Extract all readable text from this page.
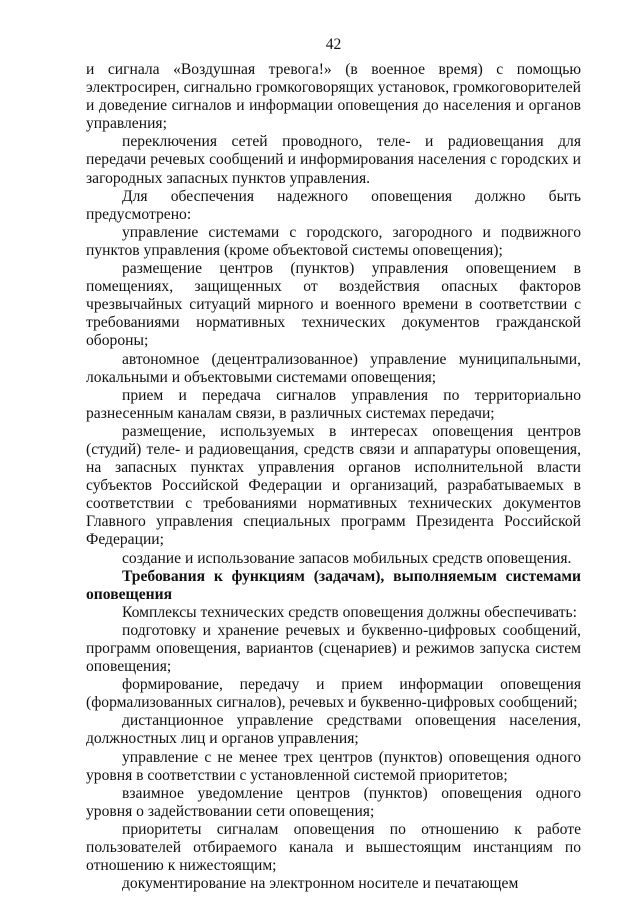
42

и сигнала «Воздушная тревога!» (в военное время) с помощью электросирен, сигнально громкоговорящих установок, громкоговорителей и доведение сигналов и информации оповещения до населения и органов управления;

переключения сетей проводного, теле- и радиовещания для передачи речевых сообщений и информирования населения с городских и загородных запасных пунктов управления.

Для обеспечения надежного оповещения должно быть предусмотрено:

управление системами с городского, загородного и подвижного пунктов управления (кроме объектовой системы оповещения);

размещение центров (пунктов) управления оповещением в помещениях, защищенных от воздействия опасных факторов чрезвычайных ситуаций мирного и военного времени в соответствии с требованиями нормативных технических документов гражданской обороны;

автономное (децентрализованное) управление муниципальными, локальными и объектовыми системами оповещения;

прием и передача сигналов управления по территориально разнесенным каналам связи, в различных системах передачи;

размещение, используемых в интересах оповещения центров (студий) теле- и радиовещания, средств связи и аппаратуры оповещения, на запасных пунктах управления органов исполнительной власти субъектов Российской Федерации и организаций, разрабатываемых в соответствии с требованиями нормативных технических документов Главного управления специальных программ Президента Российской Федерации;

создание и использование запасов мобильных средств оповещения.

Требования к функциям (задачам), выполняемым системами оповещения

Комплексы технических средств оповещения должны обеспечивать:

подготовку и хранение речевых и буквенно-цифровых сообщений, программ оповещения, вариантов (сценариев) и режимов запуска систем оповещения;

формирование, передачу и прием информации оповещения (формализованных сигналов), речевых и буквенно-цифровых сообщений;

дистанционное управление средствами оповещения населения, должностных лиц и органов управления;

управление с не менее трех центров (пунктов) оповещения одного уровня в соответствии с установленной системой приоритетов;

взаимное уведомление центров (пунктов) оповещения одного уровня о задействовании сети оповещения;

приоритеты сигналам оповещения по отношению к работе пользователей отбираемого канала и вышестоящим инстанциям по отношению к нижестоящим;

документирование на электронном носителе и печатающем
